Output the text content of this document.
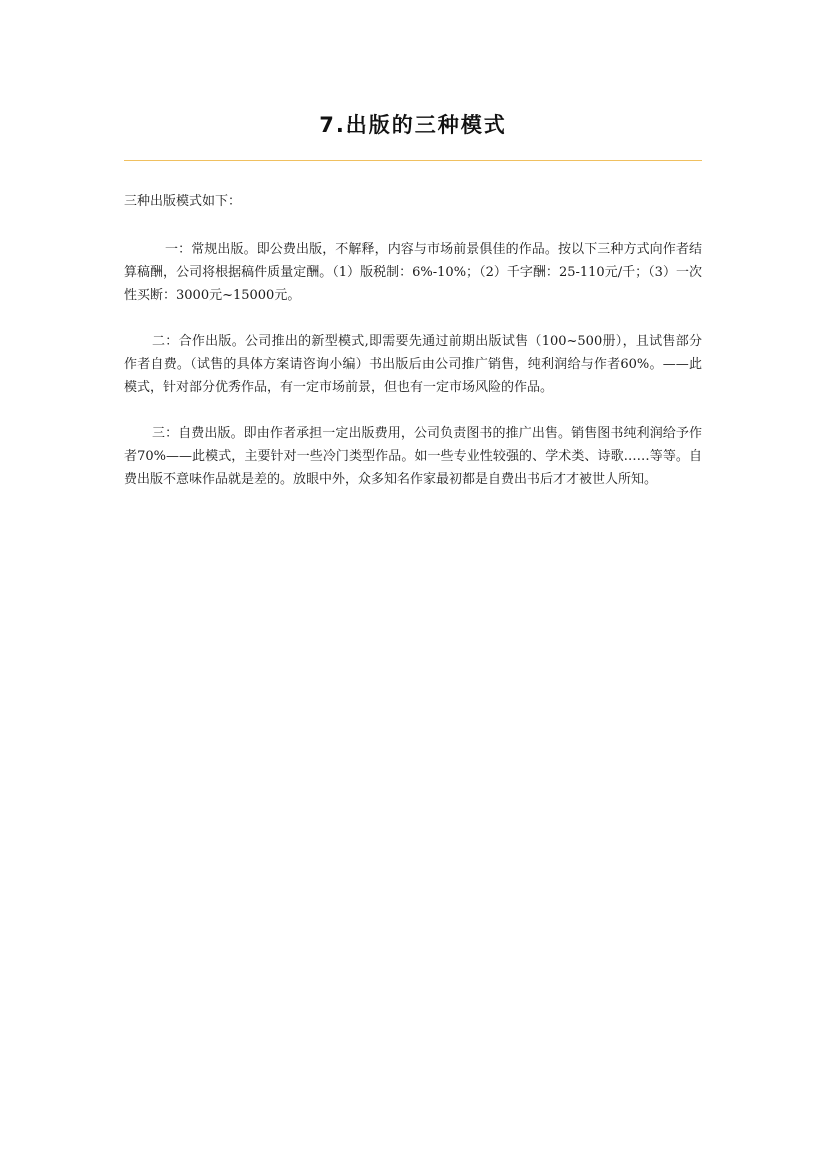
7.出版的三种模式

三种出版模式如下：

一：常规出版。即公费出版，不解释，内容与市场前景俱佳的作品。按以下三种方式向作者结算稿酬，公司将根据稿件质量定酬。（1）版税制：6%-10%；（2）千字酬：25-110元/千；（3）一次性买断：3000元~15000元。

二：合作出版。公司推出的新型模式,即需要先通过前期出版试售（100~500册），且试售部分作者自费。（试售的具体方案请咨询小编）书出版后由公司推广销售，纯利润给与作者60%。——此模式，针对部分优秀作品，有一定市场前景，但也有一定市场风险的作品。

三：自费出版。即由作者承担一定出版费用，公司负责图书的推广出售。销售图书纯利润给予作者70%——此模式，主要针对一些冷门类型作品。如一些专业性较强的、学术类、诗歌……等等。自费出版不意味作品就是差的。放眼中外，众多知名作家最初都是自费出书后才才被世人所知。
